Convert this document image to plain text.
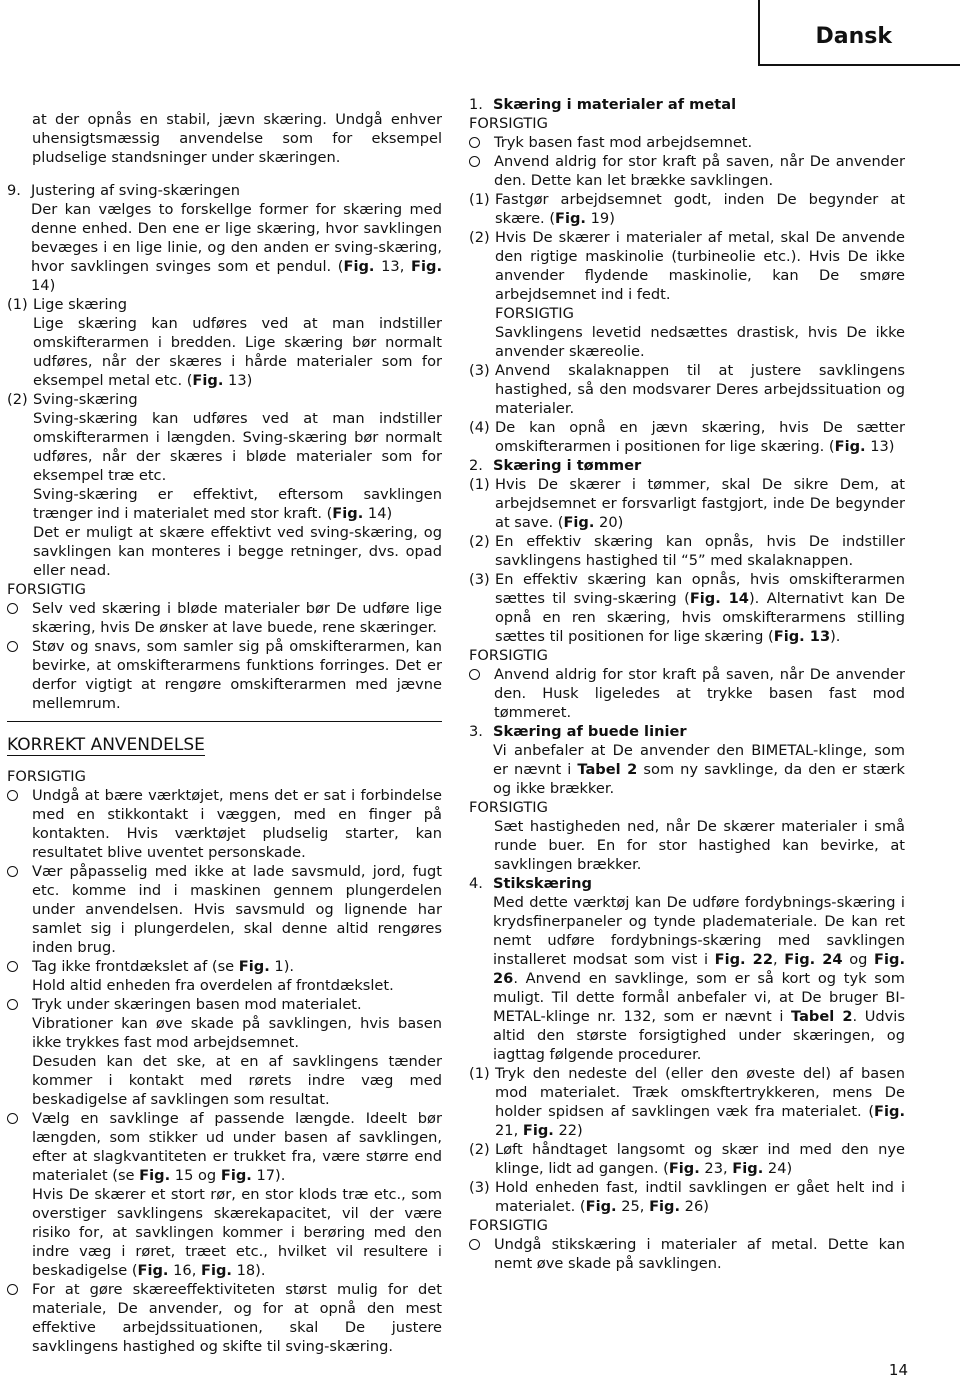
Dansk

at der opnås en stabil, jævn skæring. Undgå enhver uhensigtsmæssig anvendelse som for eksempel pludselige standsninger under skæringen.

9. Justering af sving-skæringen
Der kan vælges to forskellge former for skæring med denne enhed. Den ene er lige skæring, hvor savklingen bevæges i en lige linie, og den anden er sving-skæring, hvor savklingen svinges som et pendul. (Fig. 13, Fig. 14)
(1) Lige skæring
Lige skæring kan udføres ved at man indstiller omskifterarmen i bredden. Lige skæring bør normalt udføres, når der skæres i hårde materialer som for eksempel metal etc. (Fig. 13)
(2) Sving-skæring
Sving-skæring kan udføres ved at man indstiller omskifterarmen i længden. Sving-skæring bør normalt udføres, når der skæres i bløde materialer som for eksempel træ etc.
Sving-skæring er effektivt, eftersom savklingen trænger ind i materialet med stor kraft. (Fig. 14)
Det er muligt at skære effektivt ved sving-skæring, og savklingen kan monteres i begge retninger, dvs. opad eller nead.
FORSIGTIG
Selv ved skæring i bløde materialer bør De udføre lige skæring, hvis De ønsker at lave buede, rene skæringer.
Støv og snavs, som samler sig på omskifterarmen, kan bevirke, at omskifterarmens funktions forringes. Det er derfor vigtigt at rengøre omskifterarmen med jævne mellemrum.
KORREKT ANVENDELSE
FORSIGTIG
Undgå at bære værktøjet, mens det er sat i forbindelse med en stikkontakt i væggen, med en finger på kontakten. Hvis værktøjet pludselig starter, kan resultatet blive uventet personskade.
Vær påpasselig med ikke at lade savsmuld, jord, fugt etc. komme ind i maskinen gennem plungerdelen under anvendelsen. Hvis savsmuld og lignende har samlet sig i plungerdelen, skal denne altid rengøres inden brug.
Tag ikke frontdækslet af (se Fig. 1).
Hold altid enheden fra overdelen af frontdækslet.
Tryk under skæringen basen mod materialet.
Vibrationer kan øve skade på savklingen, hvis basen ikke trykkes fast mod arbejdsemnet.
Desuden kan det ske, at en af savklingens tænder kommer i kontakt med rørets indre væg med beskadigelse af savklingen som resultat.
Vælg en savklinge af passende længde. Ideelt bør længden, som stikker ud under basen af savklingen, efter at slagkvantiteten er trukket fra, være større end materialet (se Fig. 15 og Fig. 17).
Hvis De skærer et stort rør, en stor klods træ etc., som overstiger savklingens skærekapacitet, vil der være risiko for, at savklingen kommer i berøring med den indre væg i røret, træet etc., hvilket vil resultere i beskadigelse (Fig. 16, Fig. 18).
For at gøre skæreeffektiviteten størst mulig for det materiale, De anvender, og for at opnå den mest effektive arbejdssituationen, skal De justere savklingens hastighed og skifte til sving-skæring.
1. Skæring i materialer af metal
FORSIGTIG
Tryk basen fast mod arbejdsemnet.
Anvend aldrig for stor kraft på saven, når De anvender den. Dette kan let brække savklingen.
(1) Fastgør arbejdsemnet godt, inden De begynder at skære. (Fig. 19)
(2) Hvis De skærer i materialer af metal, skal De anvende den rigtige maskinolie (turbineolie etc.). Hvis De ikke anvender flydende maskinolie, kan De smøre arbejdsemnet ind i fedt.
FORSIGTIG
Savklingens levetid nedsættes drastisk, hvis De ikke anvender skæreolie.
(3) Anvend skalaknappen til at justere savklingens hastighed, så den modsvarer Deres arbejdssituation og materialer.
(4) De kan opnå en jævn skæring, hvis De sætter omskifterarmen i positionen for lige skæring. (Fig. 13)
2. Skæring i tømmer
(1) Hvis De skærer i tømmer, skal De sikre Dem, at arbejdsemnet er forsvarligt fastgjort, inde De begynder at save. (Fig. 20)
(2) En effektiv skæring kan opnås, hvis De indstiller savklingens hastighed til “5” med skalaknappen.
(3) En effektiv skæring kan opnås, hvis omskifterarmen sættes til sving-skæring (Fig. 14). Alternativt kan De opnå en ren skæring, hvis omskifterarmens stilling sættes til positionen for lige skæring (Fig. 13).
FORSIGTIG
Anvend aldrig for stor kraft på saven, når De anvender den. Husk ligeledes at trykke basen fast mod tømmeret.
3. Skæring af buede linier
Vi anbefaler at De anvender den BIMETAL-klinge, som er nævnt i Tabel 2 som ny savklinge, da den er stærk og ikke brækker.
FORSIGTIG
Sæt hastigheden ned, når De skærer materialer i små runde buer. En for stor hastighed kan bevirke, at savklingen brækker.
4. Stikskæring
Med dette værktøj kan De udføre fordybnings-skæring i krydsfinerpaneler og tynde plademateriale. De kan ret nemt udføre fordybnings-skæring med savklingen installeret modsat som vist i Fig. 22, Fig. 24 og Fig. 26. Anvend en savklinge, som er så kort og tyk som muligt. Til dette formål anbefaler vi, at De bruger BI-METAL-klinge nr. 132, som er nævnt i Tabel 2. Udvis altid den største forsigtighed under skæringen, og iagttag følgende procedurer.
(1) Tryk den nedeste del (eller den øveste del) af basen mod materialet. Træk omskftertrykkeren, mens De holder spidsen af savklingen væk fra materialet. (Fig. 21, Fig. 22)
(2) Løft håndtaget langsomt og skær ind med den nye klinge, lidt ad gangen. (Fig. 23, Fig. 24)
(3) Hold enheden fast, indtil savklingen er gået helt ind i materialet. (Fig. 25, Fig. 26)
FORSIGTIG
Undgå stikskæring i materialer af metal. Dette kan nemt øve skade på savklingen.
14
